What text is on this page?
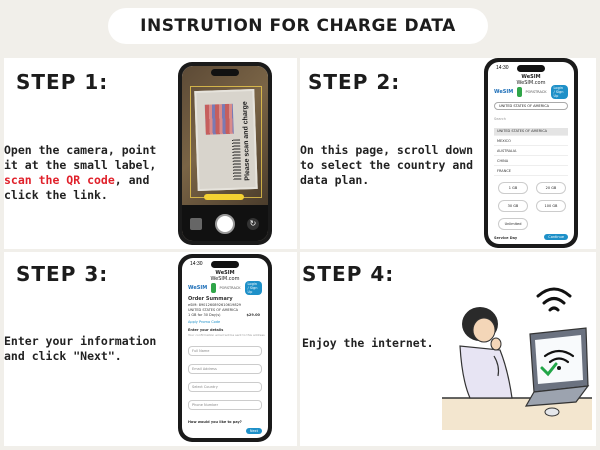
INSTRUTION FOR CHARGE DATA
STEP 1:
Open the camera, point it at the small label, scan the QR code, and click the link.
Please scan and charge
↻
STEP 2:
On this page, scroll down to select the country and data plan.
14:30
WeSIM
WeSIM.com
WeSIM	PORSTRACK
Login / Sign Up
UNITED STATES OF AMERICA
Search
UNITED STATES OF AMERICA
MEXICO
AUSTRALIA
CHINA
FRANCE
1 GB	20 GB
30 GB	100 GB
Unlimited
Service Day	Continue
STEP 3:
Enter your information and click "Next".
14:30
WeSIM
WeSIM.com
WeSIM	PORSTRACK
Login / Sign Up
Order Summary
eSIM: 8901260892610619829
UNITED STATES OF AMERICA
1 GB for 30 Day(s)	$29.00
Apply Promo Code
Enter your details
Your confirmation email will be sent to this address
Full Name
Email Address
Select Country
Phone Number
How would you like to pay?
Next
STEP 4:
Enjoy the internet.
